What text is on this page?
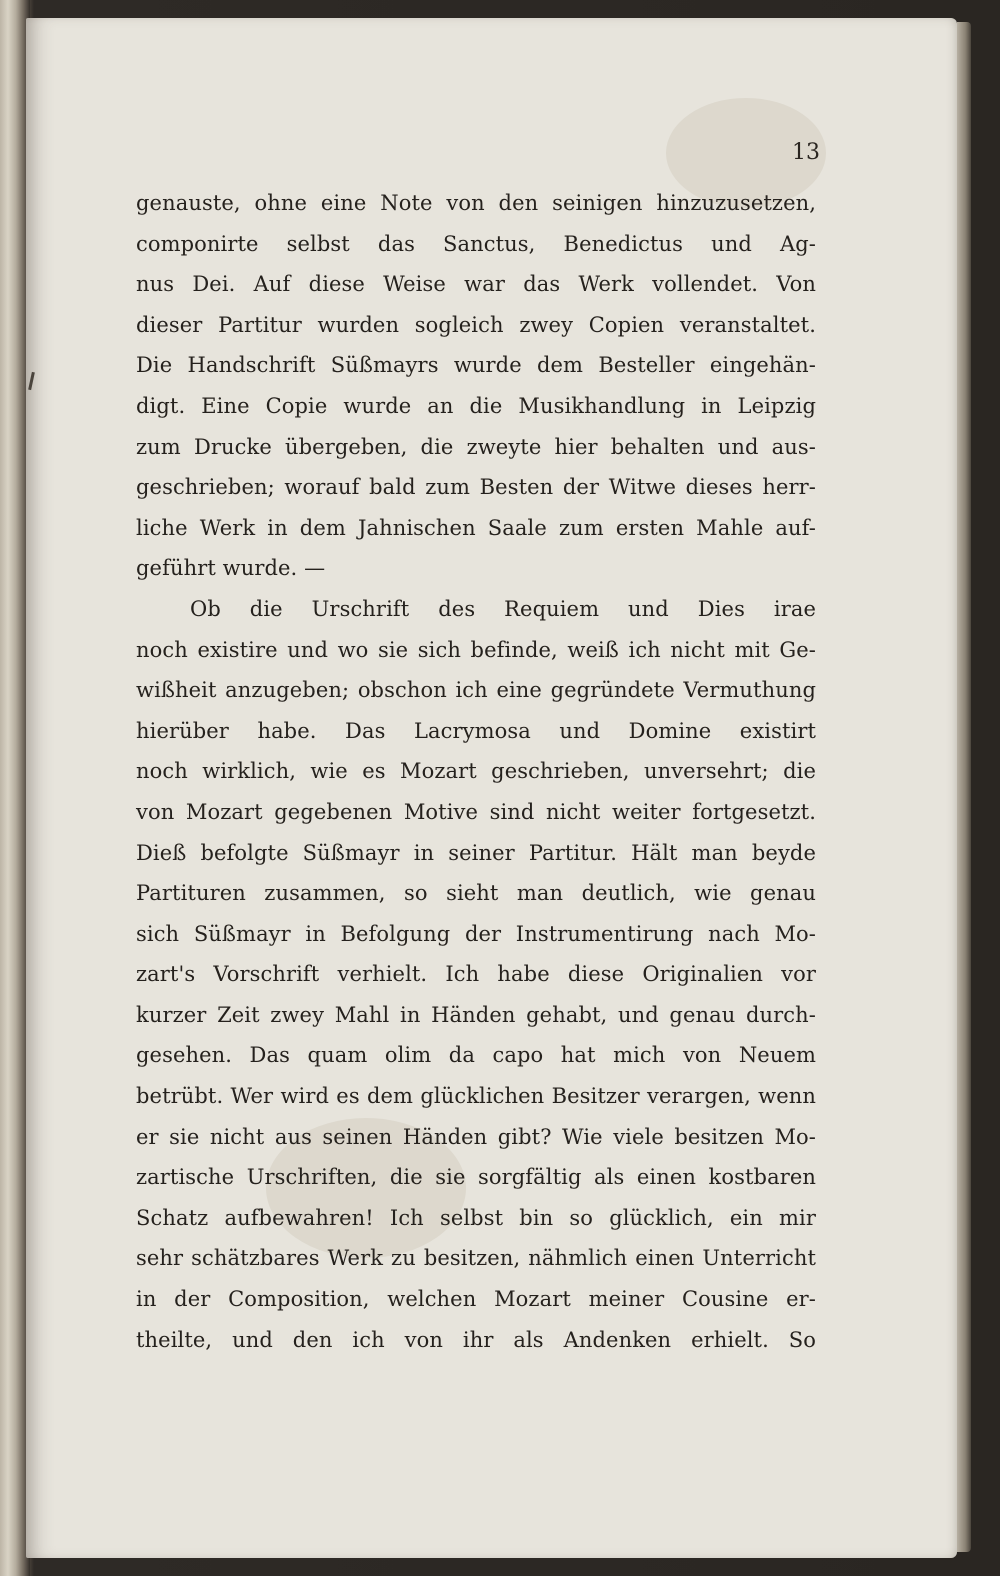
13
genauste, ohne eine Note von den seinigen hinzuzusetzen,
componirte selbst das Sanctus, Benedictus und Ag-
nus Dei. Auf diese Weise war das Werk vollendet. Von
dieser Partitur wurden sogleich zwey Copien veranstaltet.
Die Handschrift Süßmayrs wurde dem Besteller eingehän-
digt. Eine Copie wurde an die Musikhandlung in Leipzig
zum Drucke übergeben, die zweyte hier behalten und aus-
geschrieben; worauf bald zum Besten der Witwe dieses herr-
liche Werk in dem Jahnischen Saale zum ersten Mahle auf-
geführt wurde. —
Ob die Urschrift des Requiem und Dies irae
noch existire und wo sie sich befinde, weiß ich nicht mit Ge-
wißheit anzugeben; obschon ich eine gegründete Vermuthung
hierüber habe. Das Lacrymosa und Domine existirt
noch wirklich, wie es Mozart geschrieben, unversehrt; die
von Mozart gegebenen Motive sind nicht weiter fortgesetzt.
Dieß befolgte Süßmayr in seiner Partitur. Hält man beyde
Partituren zusammen, so sieht man deutlich, wie genau
sich Süßmayr in Befolgung der Instrumentirung nach Mo-
zart's Vorschrift verhielt. Ich habe diese Originalien vor
kurzer Zeit zwey Mahl in Händen gehabt, und genau durch-
gesehen. Das quam olim da capo hat mich von Neuem
betrübt. Wer wird es dem glücklichen Besitzer verargen, wenn
er sie nicht aus seinen Händen gibt? Wie viele besitzen Mo-
zartische Urschriften, die sie sorgfältig als einen kostbaren
Schatz aufbewahren! Ich selbst bin so glücklich, ein mir
sehr schätzbares Werk zu besitzen, nähmlich einen Unterricht
in der Composition, welchen Mozart meiner Cousine er-
theilte, und den ich von ihr als Andenken erhielt. So
